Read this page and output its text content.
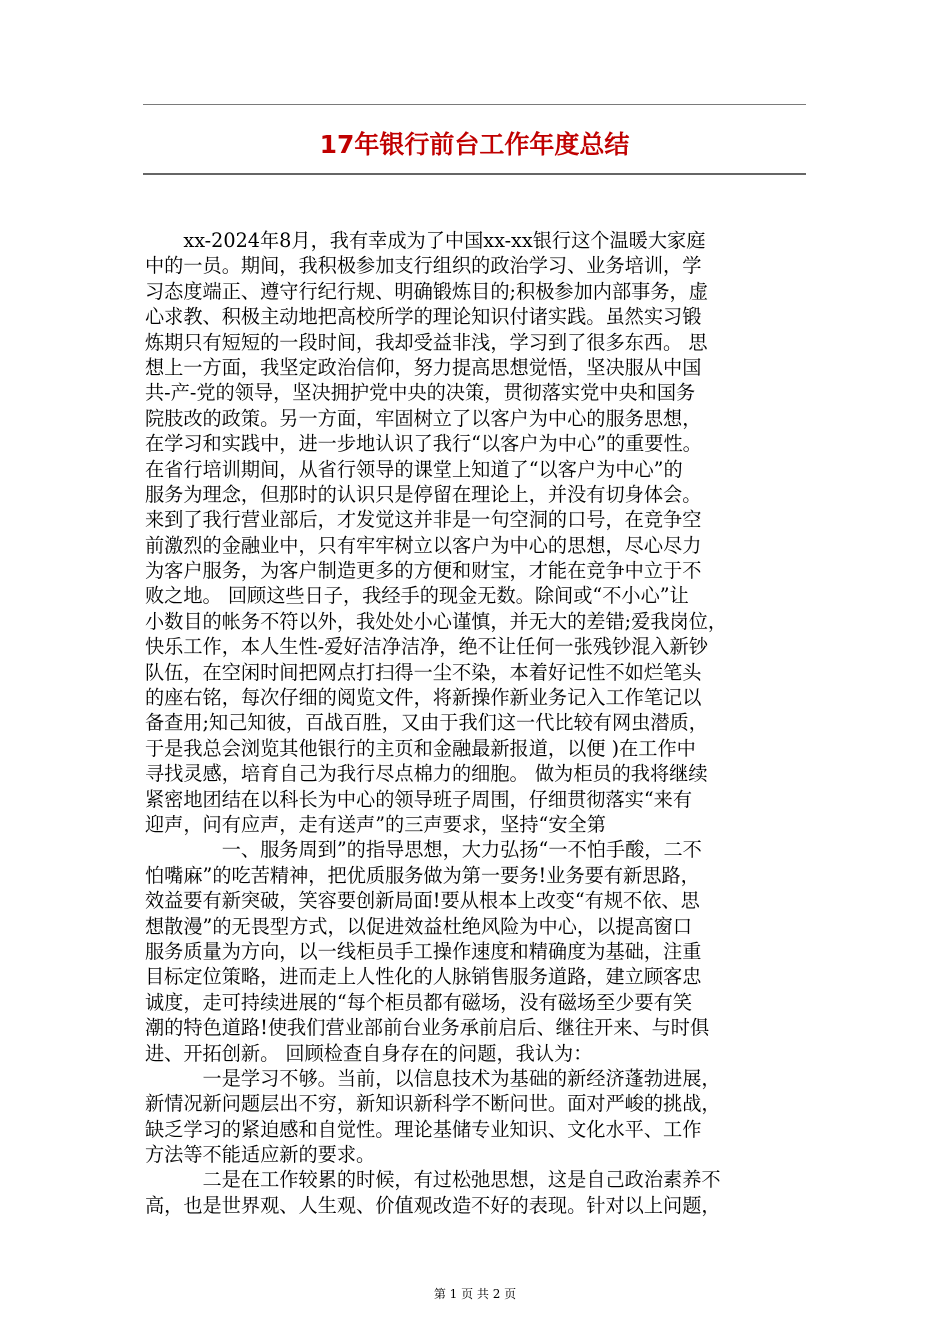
17年银行前台工作年度总结
　　xx-2024年8月，我有幸成为了中国xx-xx银行这个温暖大家庭
中的一员。期间，我积极参加支行组织的政治学习、业务培训，学
习态度端正、遵守行纪行规、明确锻炼目的;积极参加内部事务，虚
心求教、积极主动地把高校所学的理论知识付诸实践。虽然实习锻
炼期只有短短的一段时间，我却受益非浅，学习到了很多东西。 思
想上一方面，我坚定政治信仰，努力提高思想觉悟，坚决服从中国
共-产-党的领导，坚决拥护党中央的决策，贯彻落实党中央和国务
院肢改的政策。另一方面，牢固树立了以客户为中心的服务思想，
在学习和实践中，进一步地认识了我行“以客户为中心”的重要性。
在省行培训期间，从省行领导的课堂上知道了“以客户为中心”的
服务为理念，但那时的认识只是停留在理论上，并没有切身体会。
来到了我行营业部后，才发觉这并非是一句空洞的口号，在竞争空
前激烈的金融业中，只有牢牢树立以客户为中心的思想，尽心尽力
为客户服务，为客户制造更多的方便和财宝，才能在竞争中立于不
败之地。 回顾这些日子，我经手的现金无数。除间或“不小心”让
小数目的帐务不符以外，我处处小心谨慎，并无大的差错;爱我岗位，
快乐工作，本人生性-爱好洁净洁净，绝不让任何一张残钞混入新钞
队伍，在空闲时间把网点打扫得一尘不染，本着好记性不如烂笔头
的座右铭，每次仔细的阅览文件，将新操作新业务记入工作笔记以
备查用;知己知彼，百战百胜，又由于我们这一代比较有网虫潜质，
于是我总会浏览其他银行的主页和金融最新报道，以便 )在工作中
寻找灵感，培育自己为我行尽点棉力的细胞。 做为柜员的我将继续
紧密地团结在以科长为中心的领导班子周围，仔细贯彻落实“来有
迎声，问有应声，走有送声”的三声要求，坚持“安全第
　　　　一、服务周到”的指导思想，大力弘扬“一不怕手酸，二不
怕嘴麻”的吃苦精神，把优质服务做为第一要务!业务要有新思路，
效益要有新突破，笑容要创新局面!要从根本上改变“有规不依、思
想散漫”的无畏型方式，以促进效益杜绝风险为中心，以提高窗口
服务质量为方向，以一线柜员手工操作速度和精确度为基础，注重
目标定位策略，进而走上人性化的人脉销售服务道路，建立顾客忠
诚度，走可持续进展的“每个柜员都有磁场，没有磁场至少要有笑
潮的特色道路!使我们营业部前台业务承前启后、继往开来、与时俱
进、开拓创新。 回顾检查自身存在的问题，我认为：
　　　一是学习不够。当前，以信息技术为基础的新经济蓬勃进展，
新情况新问题层出不穷，新知识新科学不断问世。面对严峻的挑战，
缺乏学习的紧迫感和自觉性。理论基储专业知识、文化水平、工作
方法等不能适应新的要求。
　　　二是在工作较累的时候，有过松弛思想，这是自己政治素养不
高，也是世界观、人生观、价值观改造不好的表现。针对以上问题，
第 1 页 共 2 页
